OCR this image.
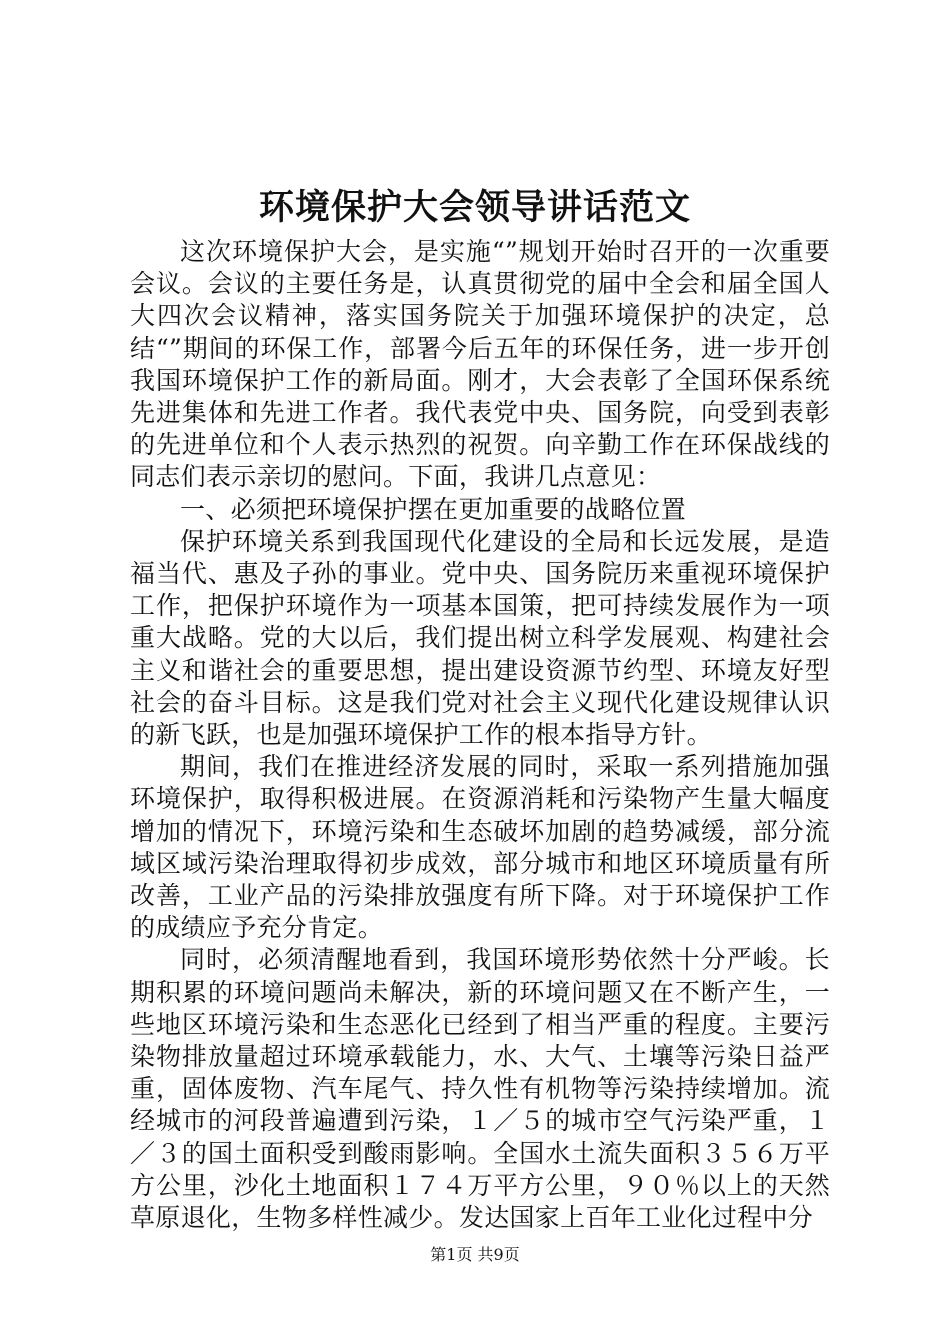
环境保护大会领导讲话范文

这次环境保护大会，是实施“”规划开始时召开的一次重要会议。会议的主要任务是，认真贯彻党的届中全会和届全国人大四次会议精神，落实国务院关于加强环境保护的决定，总结“”期间的环保工作，部署今后五年的环保任务，进一步开创我国环境保护工作的新局面。刚才，大会表彰了全国环保系统先进集体和先进工作者。我代表党中央、国务院，向受到表彰的先进单位和个人表示热烈的祝贺。向辛勤工作在环保战线的同志们表示亲切的慰问。下面，我讲几点意见：

一、必须把环境保护摆在更加重要的战略位置

保护环境关系到我国现代化建设的全局和长远发展，是造福当代、惠及子孙的事业。党中央、国务院历来重视环境保护工作，把保护环境作为一项基本国策，把可持续发展作为一项重大战略。党的大以后，我们提出树立科学发展观、构建社会主义和谐社会的重要思想，提出建设资源节约型、环境友好型社会的奋斗目标。这是我们党对社会主义现代化建设规律认识的新飞跃，也是加强环境保护工作的根本指导方针。

期间，我们在推进经济发展的同时，采取一系列措施加强环境保护，取得积极进展。在资源消耗和污染物产生量大幅度增加的情况下，环境污染和生态破坏加剧的趋势减缓，部分流域区域污染治理取得初步成效，部分城市和地区环境质量有所改善，工业产品的污染排放强度有所下降。对于环境保护工作的成绩应予充分肯定。

同时，必须清醒地看到，我国环境形势依然十分严峻。长期积累的环境问题尚未解决，新的环境问题又在不断产生，一些地区环境污染和生态恶化已经到了相当严重的程度。主要污染物排放量超过环境承载能力，水、大气、土壤等污染日益严重，固体废物、汽车尾气、持久性有机物等污染持续增加。流经城市的河段普遍遭到污染，１／５的城市空气污染严重，１／３的国土面积受到酸雨影响。全国水土流失面积３５６万平方公里，沙化土地面积１７４万平方公里，９０％以上的天然草原退化，生物多样性减少。发达国家上百年工业化过程中分

第1页 共9页
